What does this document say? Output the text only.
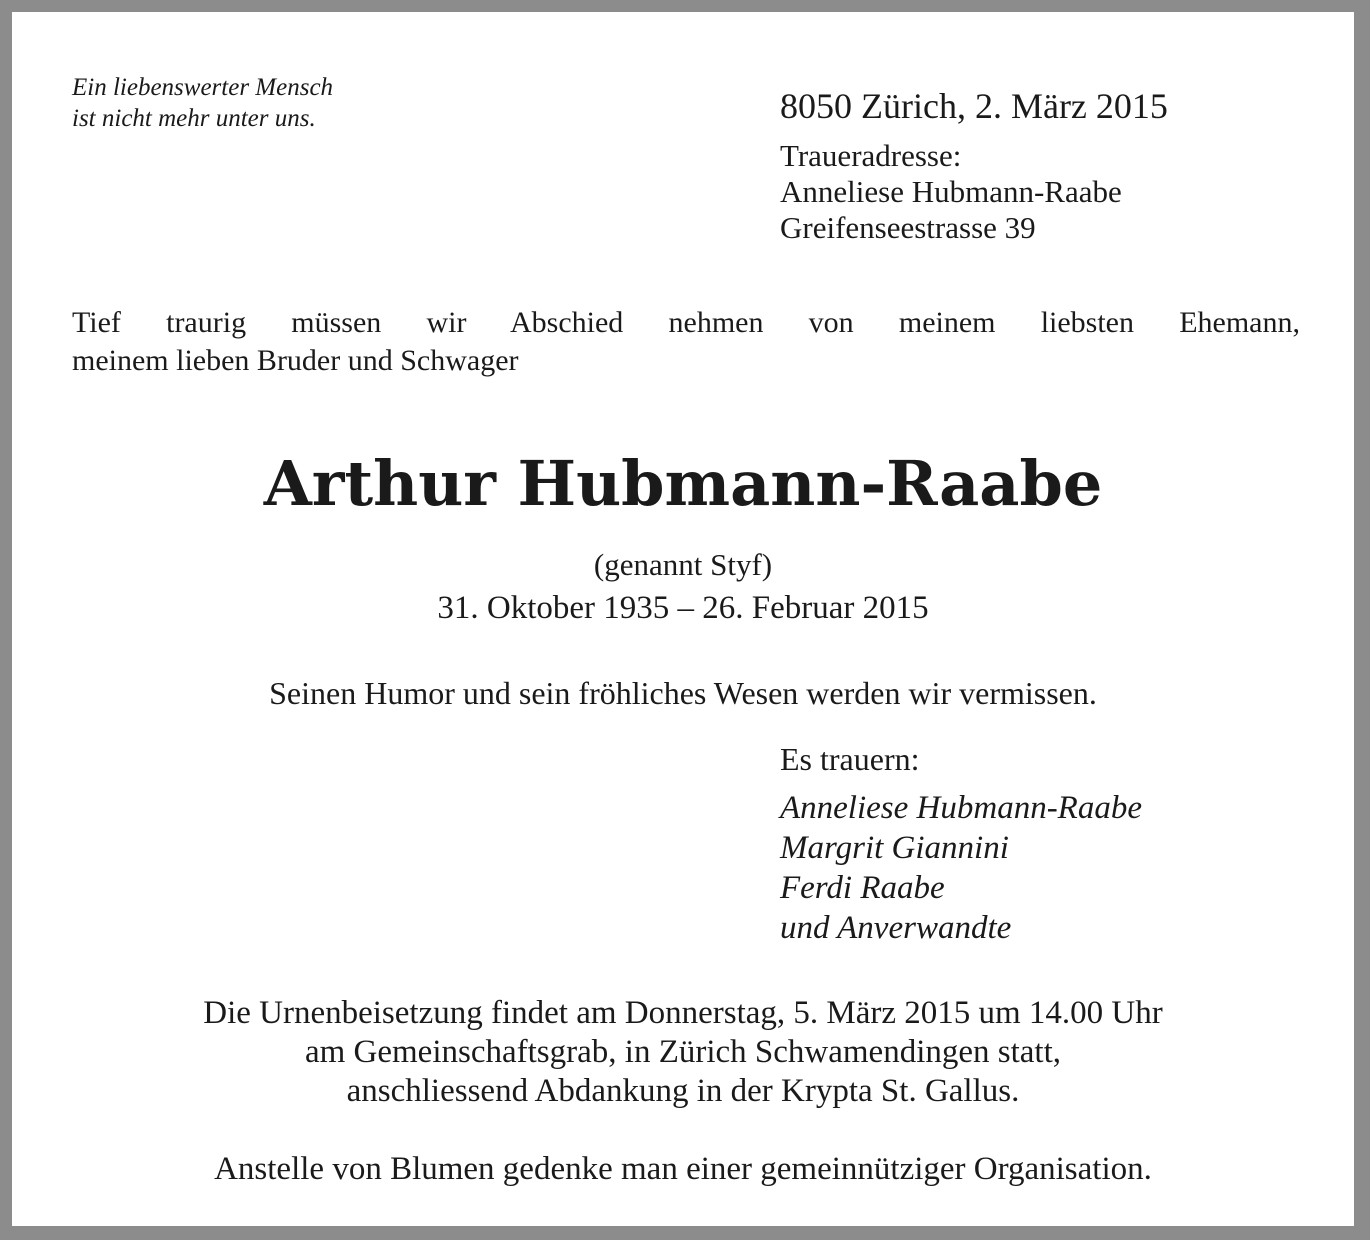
Ein liebenswerter Mensch
ist nicht mehr unter uns.	8050 Zürich, 2. März 2015
Traueradresse:
Anneliese Hubmann-Raabe
Greifenseestrasse 39
Tief traurig müssen wir Abschied nehmen von meinem liebsten Ehemann,
meinem lieben Bruder und Schwager
Arthur Hubmann-Raabe
(genannt Styf)
31. Oktober 1935 – 26. Februar 2015
Seinen Humor und sein fröhliches Wesen werden wir vermissen.
Es trauern:
Anneliese Hubmann-Raabe
Margrit Giannini
Ferdi Raabe
und Anverwandte
Die Urnenbeisetzung findet am Donnerstag, 5. März 2015 um 14.00 Uhr
am Gemeinschaftsgrab, in Zürich Schwamendingen statt,
anschliessend Abdankung in der Krypta St. Gallus.
Anstelle von Blumen gedenke man einer gemeinnütziger Organisation.
